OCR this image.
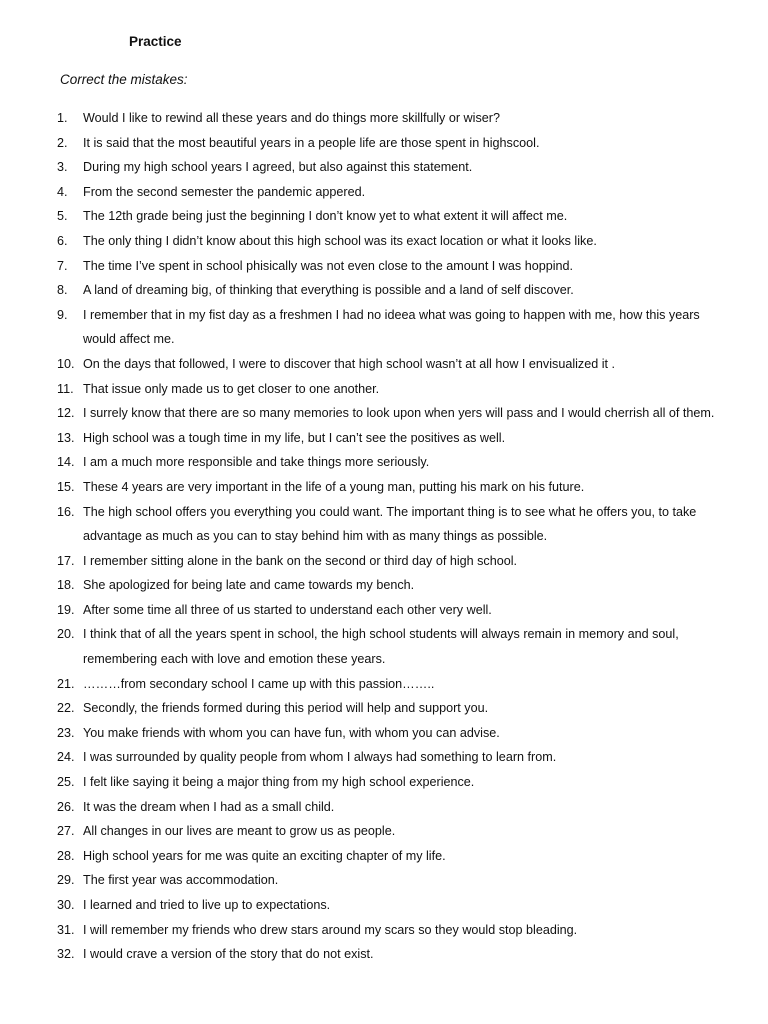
Practice
Correct the mistakes:
1.	Would I like to rewind all these years and do things more skillfully or wiser?
2.	It is said that the most beautiful years in a people life are those spent in highscool.
3.	During my high school years I agreed, but also against this statement.
4.	From the second semester the pandemic appered.
5.	The 12th grade being just the beginning I don’t know yet to what extent it will affect me.
6.	The only thing I didn’t know about this high school was its exact location or what it looks like.
7.	The time I’ve spent in school phisically was not even close to the amount I was hoppind.
8.	A land of dreaming big, of thinking that everything is possible and a land of self discover.
9.	I remember that in my fist day as a freshmen I had no ideea what was going to happen with me, how this years would affect me.
10. On the days that followed, I were to discover that high school wasn’t at all how I envisualized it .
11. That issue only made us to get closer to one another.
12. I surrely know that there are so many memories to look upon when yers will pass and I would cherrish all of them.
13. High school was a tough time in my life, but I can’t see the positives as well.
14. I am a much more responsible and take things more seriously.
15. These 4 years are very important in the life of a young man, putting his mark on his future.
16. The high school offers you everything you could want. The important thing is to see what he offers you, to take advantage as much as you can to stay behind him with as many things as possible.
17. I remember sitting alone in the bank on the second or third day of high school.
18. She apologized for being late and came towards my bench.
19. After some time all three of us started to understand each other very well.
20. I think that of all the years spent in school, the high school students will always remain in memory and soul, remembering each with love and emotion these years.
21. ………from secondary school I came up with this passion……..
22. Secondly, the friends formed during this period will help and support you.
23. You make friends with whom you can have fun, with whom you can advise.
24. I was surrounded by quality people from whom I always had something to learn from.
25. I felt like saying it being a major thing from my high school experience.
26. It was the dream when I had as a small child.
27. All changes in our lives are meant to grow us as people.
28. High school years for me was quite an exciting chapter of my life.
29. The first year was accommodation.
30. I learned and tried to live up to expectations.
31. I will remember my friends who drew stars around my scars so they would stop bleading.
32. I would crave a version of the story that do not exist.
